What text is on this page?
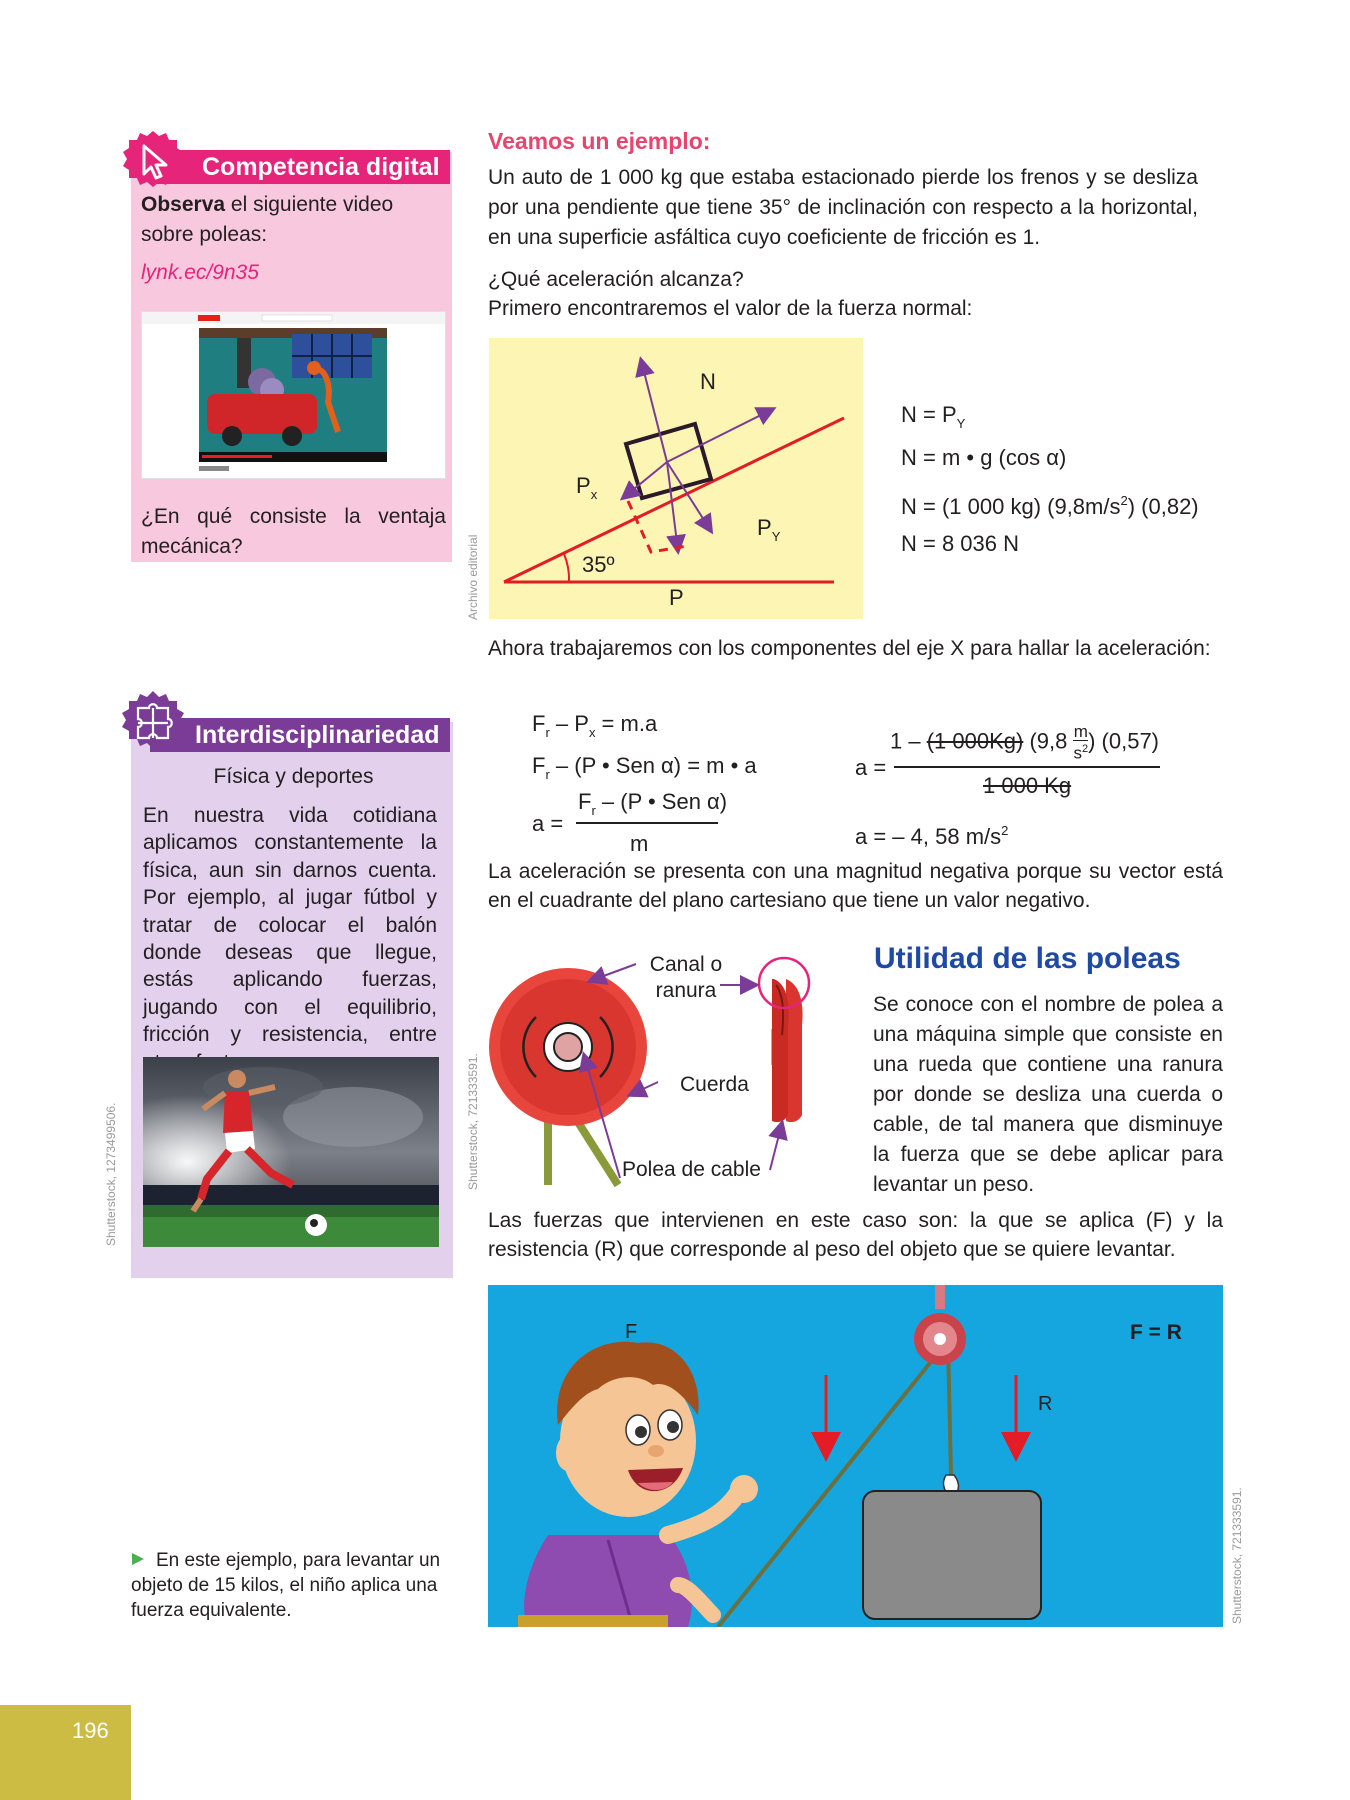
Competencia digital
Observa el siguiente video sobre poleas:
lynk.ec/9n35
¿En qué consiste la ventaja mecánica?
Interdisciplinariedad
Física y deportes
En nuestra vida cotidiana aplicamos constantemente la física, aun sin darnos cuenta. Por ejemplo, al jugar fútbol y tratar de colocar el balón donde deseas que llegue, estás aplicando fuerzas, jugando con el equilibrio, fricción y resistencia, entre
Shutterstock, 1273499506.
Veamos un ejemplo:
Un auto de 1 000 kg que estaba estacionado pierde los frenos y se desliza por una pendiente que tiene 35° de inclinación con respecto a la horizontal, en una superficie asfáltica cuyo coeficiente de fricción es 1.
¿Qué aceleración alcanza?
Primero encontraremos el valor de la fuerza normal:
N
$P_x$
$P_Y$
35º
P
Archivo editorial
$N = P_Y$
N = m • g (cos α)
N = (1 000 kg) $(9,8m/s^2)$ (0,82)
N = 8 036 N
Ahora trabajaremos con los componentes del eje X para hallar la aceleración:
$F_r - P_x = m.a$
$F_r - (P$ • Sen α) = m • a
a =
$F_r - (P$ • Sen α)
m
a =
1 – (1 000Kg) ($9,8 \frac{m}{s^2}$ ) (0,57)
1 000 Kg
a = – 4, 58 $m/s^2$
La aceleración se presenta con una magnitud negativa porque su vector está en el cuadrante del plano cartesiano que tiene un valor negativo.
Canal o
ranura
Cuerda
Polea de cable
Shutterstock, 721333591.
Utilidad de las poleas
Se conoce con el nombre de polea a una máquina simple que consiste en una rueda que contiene una ranura por donde se desliza una cuerda o cable, de tal manera que disminuye la fuerza que se debe aplicar para levantar un peso.
Las fuerzas que intervienen en este caso son: la que se aplica (F) y la resistencia (R) que corresponde al peso del objeto que se quiere levantar.
F
R
F = R
Shutterstock, 721333591.
En este ejemplo, para levantar un objeto de 15 kilos, el niño aplica una fuerza equivalente.
196
